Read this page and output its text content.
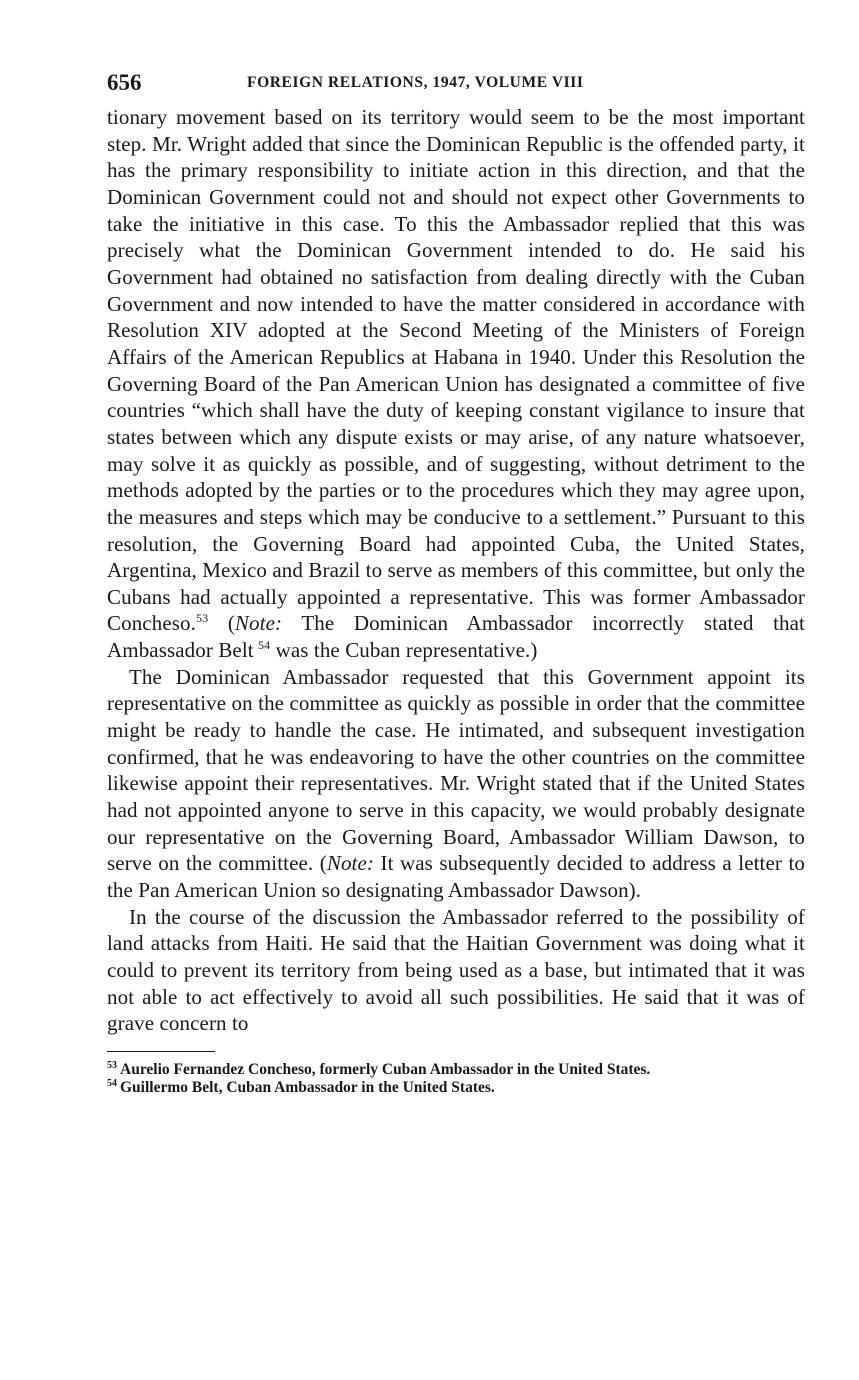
656	FOREIGN RELATIONS, 1947, VOLUME VIII

tionary movement based on its territory would seem to be the most important step. Mr. Wright added that since the Dominican Republic is the offended party, it has the primary responsibility to initiate action in this direction, and that the Dominican Government could not and should not expect other Governments to take the initiative in this case. To this the Ambassador replied that this was precisely what the Dominican Government intended to do. He said his Government had obtained no satisfaction from dealing directly with the Cuban Government and now intended to have the matter considered in accordance with Resolution XIV adopted at the Second Meeting of the Ministers of Foreign Affairs of the American Republics at Habana in 1940. Under this Resolution the Governing Board of the Pan American Union has designated a committee of five countries “which shall have the duty of keeping constant vigilance to insure that states between which any dispute exists or may arise, of any nature whatsoever, may solve it as quickly as possible, and of suggesting, without detriment to the methods adopted by the parties or to the procedures which they may agree upon, the measures and steps which may be conducive to a settlement.” Pursuant to this resolution, the Governing Board had appointed Cuba, the United States, Argentina, Mexico and Brazil to serve as members of this committee, but only the Cubans had actually appointed a representative. This was former Ambassador Concheso.$^{53}$ (Note: The Dominican Ambassador incorrectly stated that Ambassador Belt $^{54}$ was the Cuban representative.)

The Dominican Ambassador requested that this Government appoint its representative on the committee as quickly as possible in order that the committee might be ready to handle the case. He intimated, and subsequent investigation confirmed, that he was endeavoring to have the other countries on the committee likewise appoint their representatives. Mr. Wright stated that if the United States had not appointed anyone to serve in this capacity, we would probably designate our representative on the Governing Board, Ambassador William Dawson, to serve on the committee. (Note: It was subsequently decided to address a letter to the Pan American Union so designating Ambassador Dawson).

In the course of the discussion the Ambassador referred to the possibility of land attacks from Haiti. He said that the Haitian Government was doing what it could to prevent its territory from being used as a base, but intimated that it was not able to act effectively to avoid all such possibilities. He said that it was of grave concern to

$^{53}$ Aurelio Fernandez Concheso, formerly Cuban Ambassador in the United States.

$^{54}$ Guillermo Belt, Cuban Ambassador in the United States.
